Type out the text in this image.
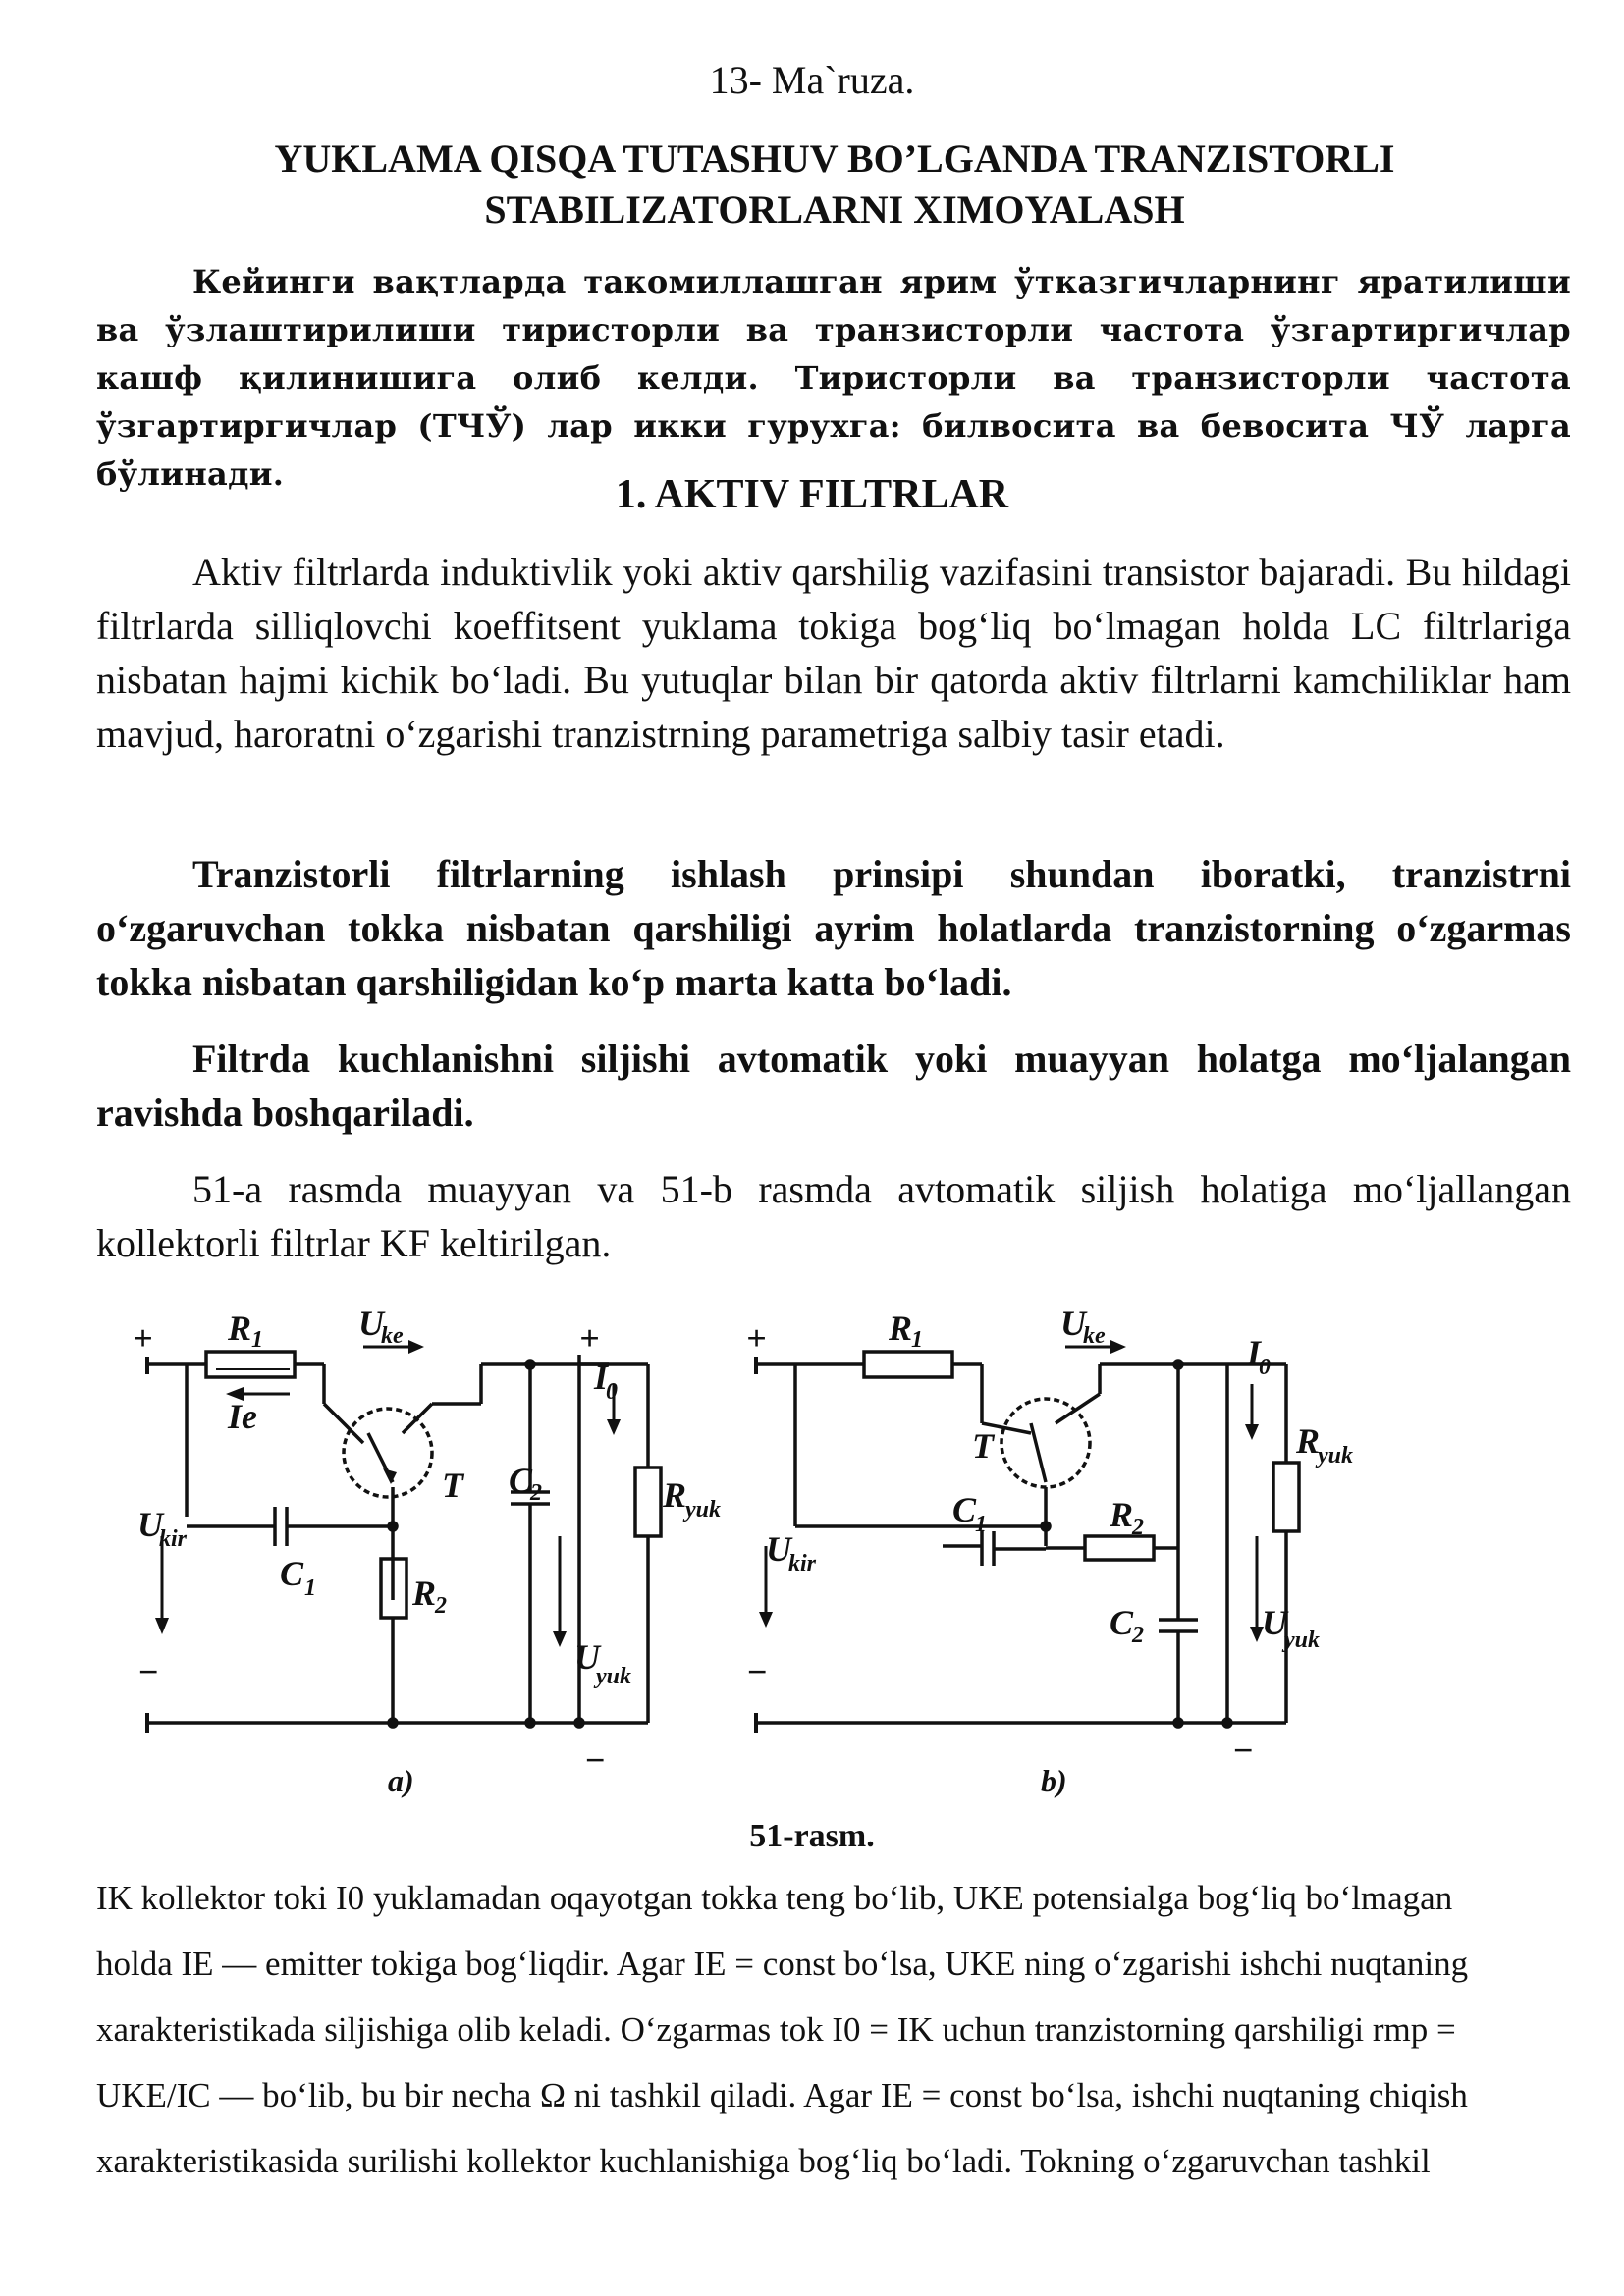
13- Ma`ruza.
YUKLAMA QISQA TUTASHUV BO’LGANDA TRANZISTORLI STABILIZATORLARNI XIMOYALASH

Кейинги вақтларда такомиллашган ярим ўтказгичларнинг яратилиши ва ўзлаштирилиши тиристорли ва транзисторли частота ўзгартиргичлар кашф қилинишига олиб келди. Тиристорли ва транзисторли частота ўзгартиргичлар (ТЧЎ) лар икки гурухга: билвосита ва бевосита ЧЎ ларга бўлинади.	1. AKTIV FILTRLAR

Aktiv filtrlarda induktivlik yoki aktiv qarshilig vazifasini transistor bajaradi. Bu hildagi filtrlarda silliqlovchi koeffitsent yuklama tokiga bog‘liq bo‘lmagan holda LC filtrlariga nisbatan hajmi kichik bo‘ladi. Bu yutuqlar bilan bir qatorda aktiv filtrlarni kamchiliklar ham mavjud, haroratni o‘zgarishi tranzistrning parametriga salbiy tasir etadi.

Tranzistorli filtrlarning ishlash prinsipi shundan iboratki, tranzistrni o‘zgaruvchan tokka nisbatan qarshiligi ayrim holatlarda tranzistorning o‘zgarmas tokka nisbatan qarshiligidan ko‘p marta katta bo‘ladi.

Filtrda kuchlanishni siljishi avtomatik yoki muayyan holatga mo‘ljalangan ravishda boshqariladi.

51-a rasmda muayyan va 51-b rasmda avtomatik siljish holatiga mo‘ljallangan kollektorli filtrlar KF keltirilgan.

+ R 1
Ie
U
ke	+
I
0
T C
2	R
yuk
U
kir
C 1	R
2
U
yuk
−
−
a)
+	R
1	U
ke	I
0
T	R
yuk
C
1	R
2
U
kir
C
2	U
yuk
−
−
b)
51-rasm.

IK kollektor toki I0 yuklamadan oqayotgan tokka teng bo‘lib, UKE potensialga bog‘liq bo‘lmagan

holda IE — emitter tokiga bog‘liqdir. Agar IE = const bo‘lsa, UKE ning o‘zgarishi ishchi nuqtaning

xarakteristikada siljishiga olib keladi. O‘zgarmas tok I0 = IK uchun tranzistorning qarshiligi rmp =

UKE/IC — bo‘lib, bu bir necha Ω ni tashkil qiladi. Agar IE = const bo‘lsa, ishchi nuqtaning chiqish

xarakteristikasida surilishi kollektor kuchlanishiga bog‘liq bo‘ladi. Tokning o‘zgaruvchan tashkil
